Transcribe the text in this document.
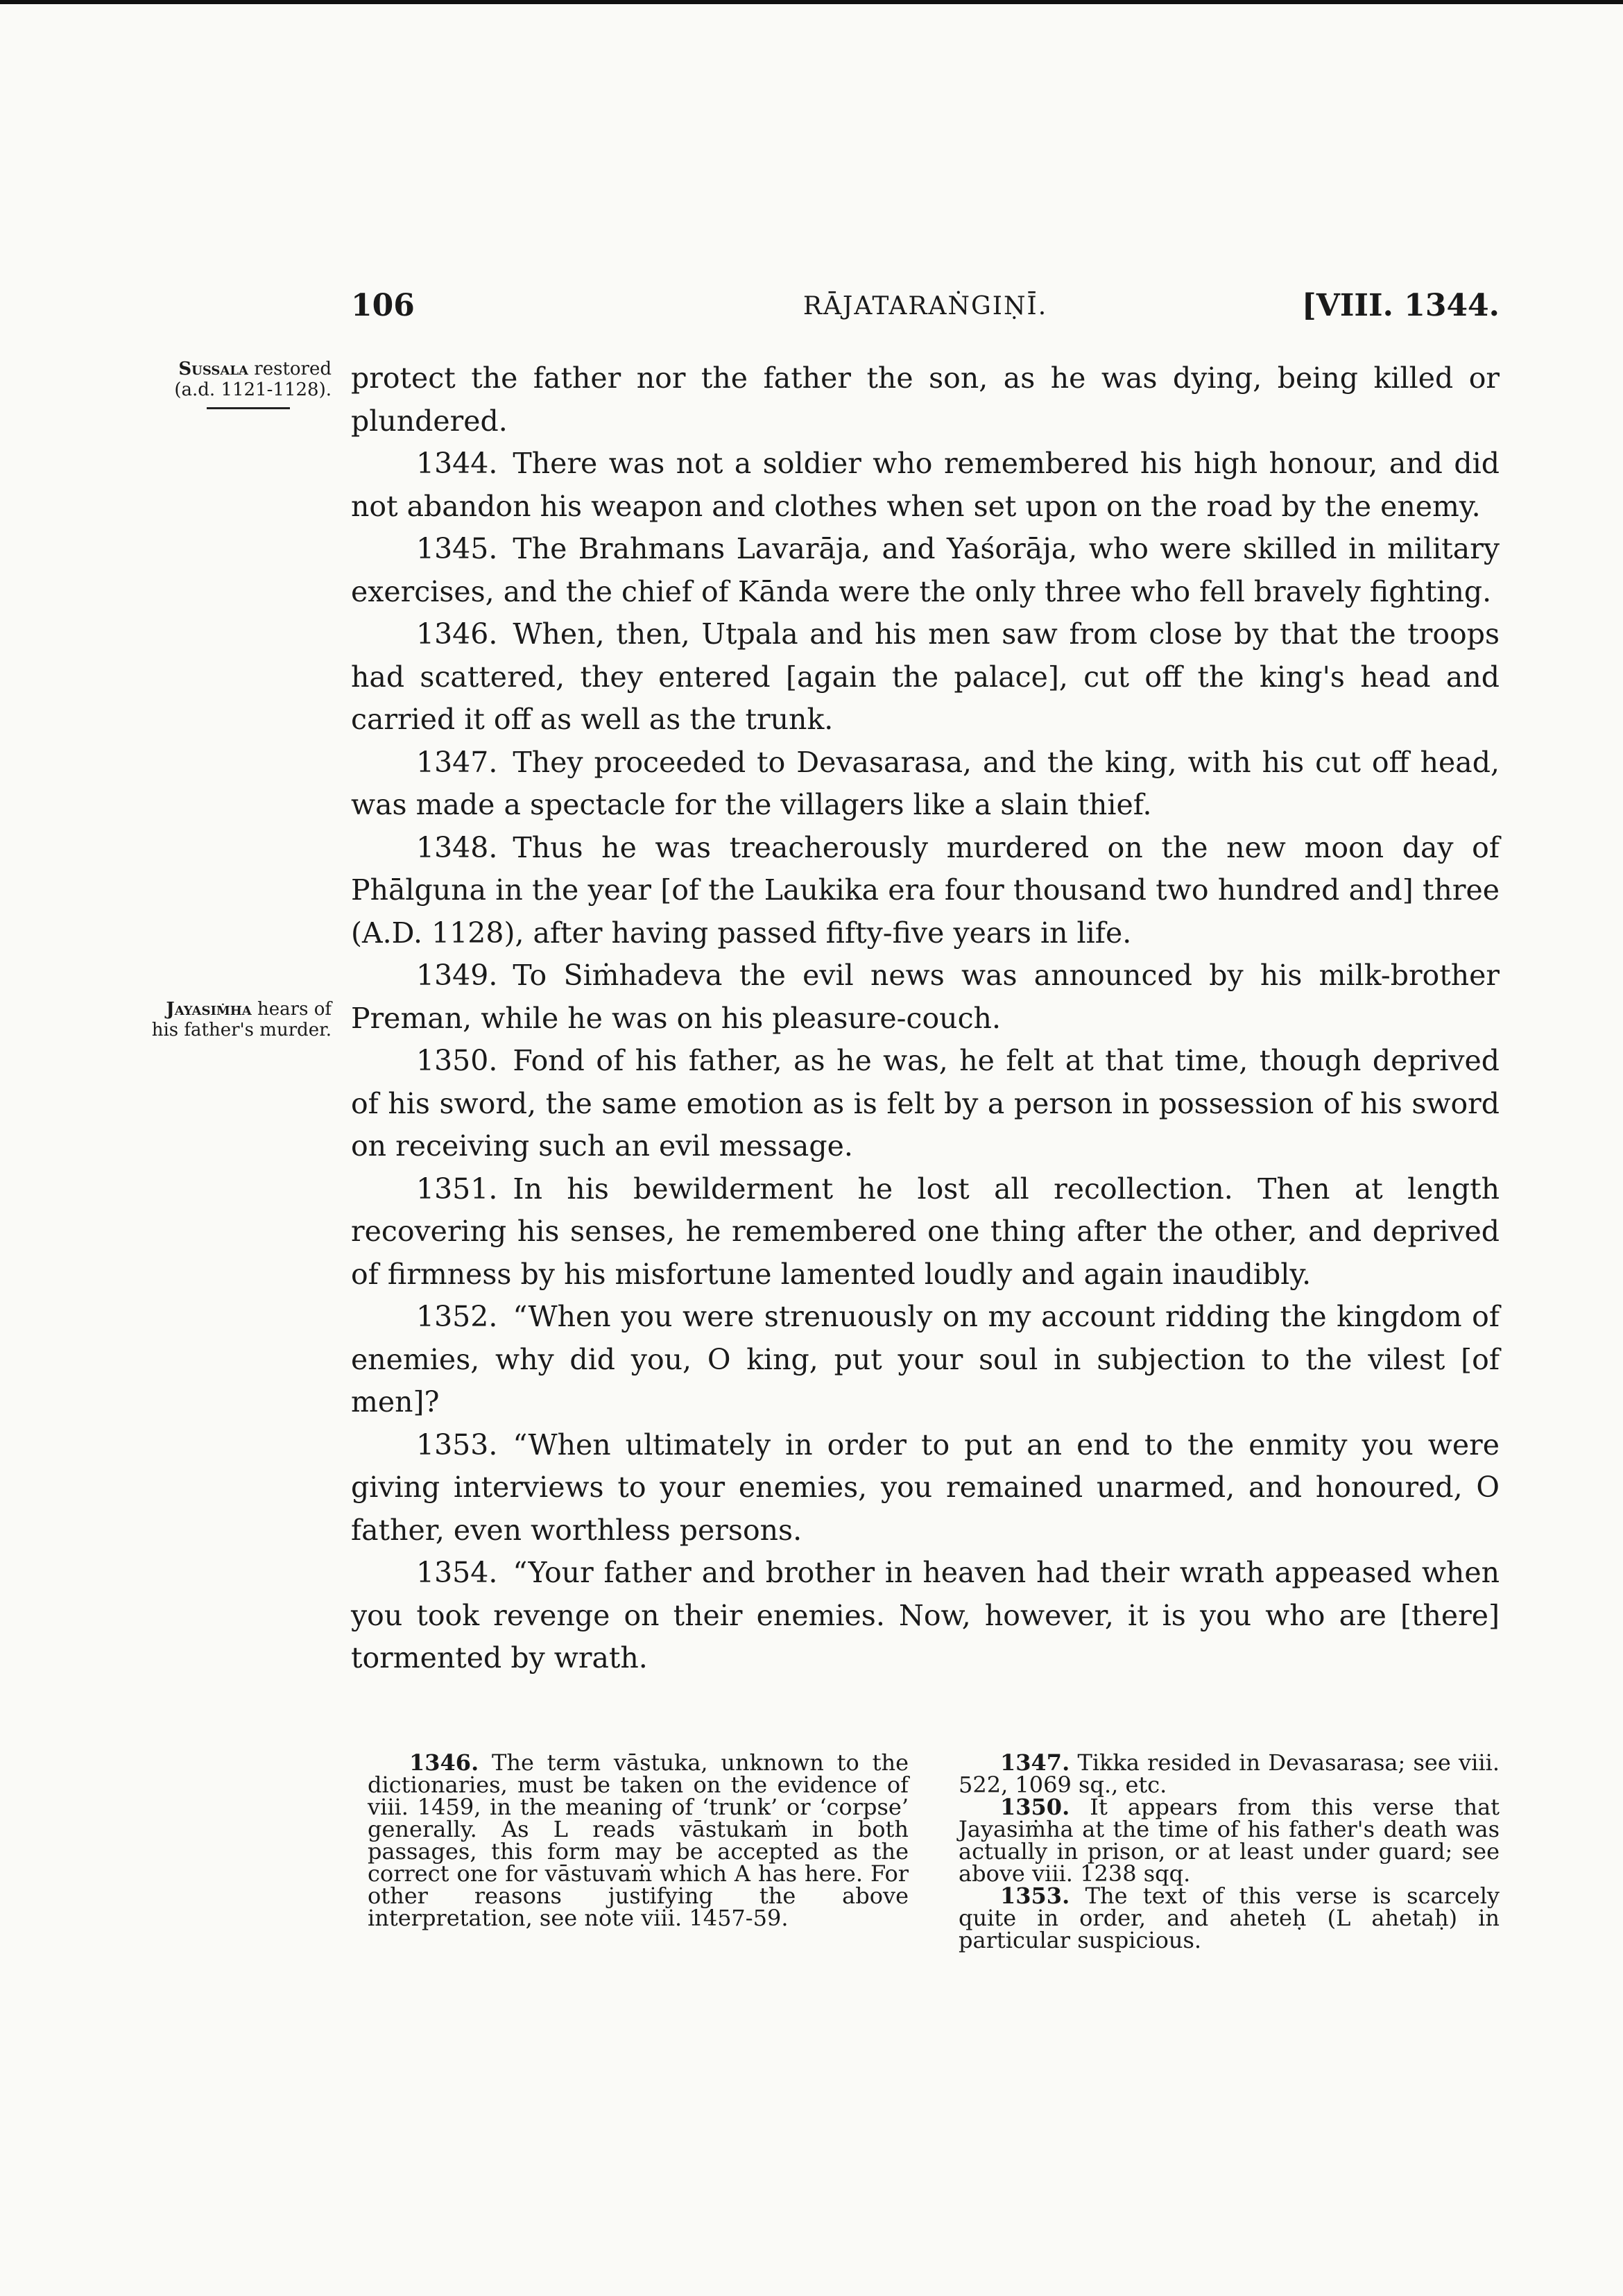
106	RĀJATARAṄGIṆĪ.	[VIII. 1344.
Sussala restored
(a.d. 1121-1128).
Jayasiṁha hears of
his father's murder.

protect the father nor the father the son, as he was dying, being killed or plundered.

1344. There was not a soldier who remembered his high honour, and did not abandon his weapon and clothes when set upon on the road by the enemy.

1345. The Brahmans Lavarāja, and Yaśorāja, who were skilled in military exercises, and the chief of Kānda were the only three who fell bravely fighting.

1346. When, then, Utpala and his men saw from close by that the troops had scattered, they entered [again the palace], cut off the king's head and carried it off as well as the trunk.

1347. They proceeded to Devasarasa, and the king, with his cut off head, was made a spectacle for the villagers like a slain thief.

1348. Thus he was treacherously murdered on the new moon day of Phālguna in the year [of the Laukika era four thousand two hundred and] three (A.D. 1128), after having passed fifty-five years in life.

1349. To Siṁhadeva the evil news was announced by his milk-brother Preman, while he was on his pleasure-couch.

1350. Fond of his father, as he was, he felt at that time, though deprived of his sword, the same emotion as is felt by a person in possession of his sword on receiving such an evil message.

1351. In his bewilderment he lost all recollection. Then at length recovering his senses, he remembered one thing after the other, and deprived of firmness by his misfortune lamented loudly and again inaudibly.

1352. “When you were strenuously on my account ridding the kingdom of enemies, why did you, O king, put your soul in subjection to the vilest [of men]?

1353. “When ultimately in order to put an end to the enmity you were giving interviews to your enemies, you remained unarmed, and honoured, O father, even worthless persons.

1354. “Your father and brother in heaven had their wrath appeased when you took revenge on their enemies. Now, however, it is you who are [there] tormented by wrath.

1346. The term vāstuka, unknown to the dictionaries, must be taken on the evidence of viii. 1459, in the meaning of ‘trunk’ or ‘corpse’ generally. As L reads vāstukaṁ in both passages, this form may be accepted as the correct one for vāstuvaṁ which A has here. For other reasons justifying the above interpretation, see note viii. 1457-59.

1347. Tikka resided in Devasarasa; see viii. 522, 1069 sq., etc.

1350. It appears from this verse that Jayasiṁha at the time of his father's death was actually in prison, or at least under guard; see above viii. 1238 sqq.

1353. The text of this verse is scarcely quite in order, and aheteḥ (L ahetaḥ) in particular suspicious.
